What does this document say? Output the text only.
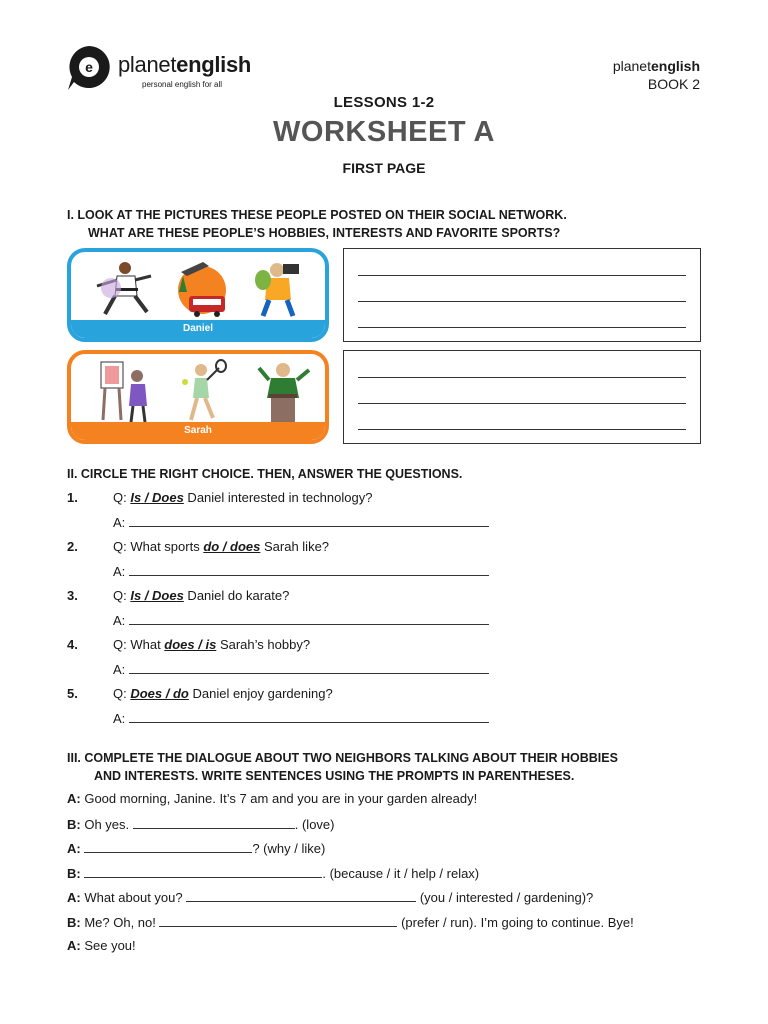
e planetenglish
personal english for all
planetenglish
BOOK 2
LESSONS 1-2
WORKSHEET A
FIRST PAGE
I. LOOK AT THE PICTURES THESE PEOPLE POSTED ON THEIR SOCIAL NETWORK.
WHAT ARE THESE PEOPLE’S HOBBIES, INTERESTS AND FAVORITE SPORTS?
Daniel
Sarah
II. CIRCLE THE RIGHT CHOICE. THEN, ANSWER THE QUESTIONS.
1.	Q: Is / Does Daniel interested in technology?
A:
2.	Q: What sports do / does Sarah like?
A:
3.	Q: Is / Does Daniel do karate?
A:
4.	Q: What does / is Sarah’s hobby?
A:
5.	Q: Does / do Daniel enjoy gardening?
A:
III. COMPLETE THE DIALOGUE ABOUT TWO NEIGHBORS TALKING ABOUT THEIR HOBBIES
AND INTERESTS. WRITE SENTENCES USING THE PROMPTS IN PARENTHESES.
A: Good morning, Janine. It’s 7 am and you are in your garden already!
B: Oh yes.	. (love)
A:	? (why / like)
B:	. (because / it / help / relax)
A: What about you?	(you / interested / gardening)?
B: Me? Oh, no!	(prefer / run). I’m going to continue. Bye!
A: See you!
